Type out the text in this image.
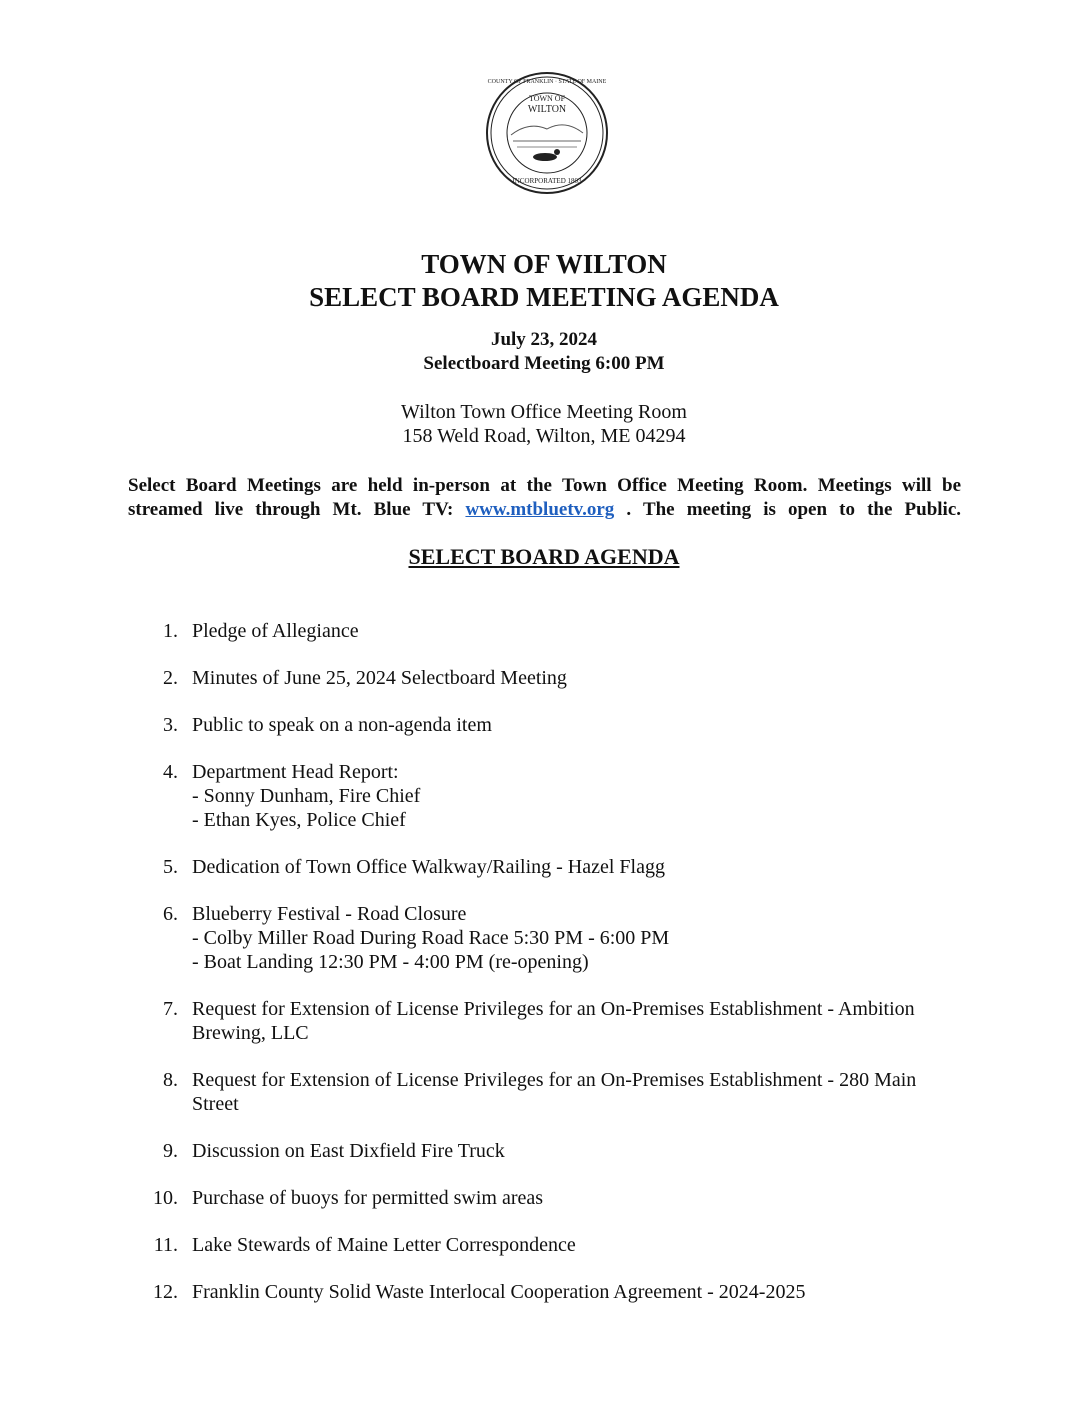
TOWN OF
WILTON
INCORPORATED 1803
COUNTY OF FRANKLIN · STATE OF MAINE
TOWN OF WILTON
SELECT BOARD MEETING AGENDA
July 23, 2024
Selectboard Meeting 6:00 PM
Wilton Town Office Meeting Room
158 Weld Road, Wilton, ME 04294
Select Board Meetings are held in-person at the Town Office Meeting Room. Meetings will be streamed live through Mt. Blue TV: www.mtbluetv.org . The meeting is open to the Public.
SELECT BOARD AGENDA
1. Pledge of Allegiance
2. Minutes of June 25, 2024 Selectboard Meeting
3. Public to speak on a non-agenda item
4. Department Head Report:
- Sonny Dunham, Fire Chief
- Ethan Kyes, Police Chief
5. Dedication of Town Office Walkway/Railing - Hazel Flagg
6. Blueberry Festival - Road Closure
- Colby Miller Road During Road Race 5:30 PM - 6:00 PM
- Boat Landing 12:30 PM - 4:00 PM (re-opening)
7. Request for Extension of License Privileges for an On-Premises Establishment - Ambition Brewing, LLC
8. Request for Extension of License Privileges for an On-Premises Establishment - 280 Main Street
9. Discussion on East Dixfield Fire Truck
10. Purchase of buoys for permitted swim areas
11. Lake Stewards of Maine Letter Correspondence
12. Franklin County Solid Waste Interlocal Cooperation Agreement - 2024-2025
